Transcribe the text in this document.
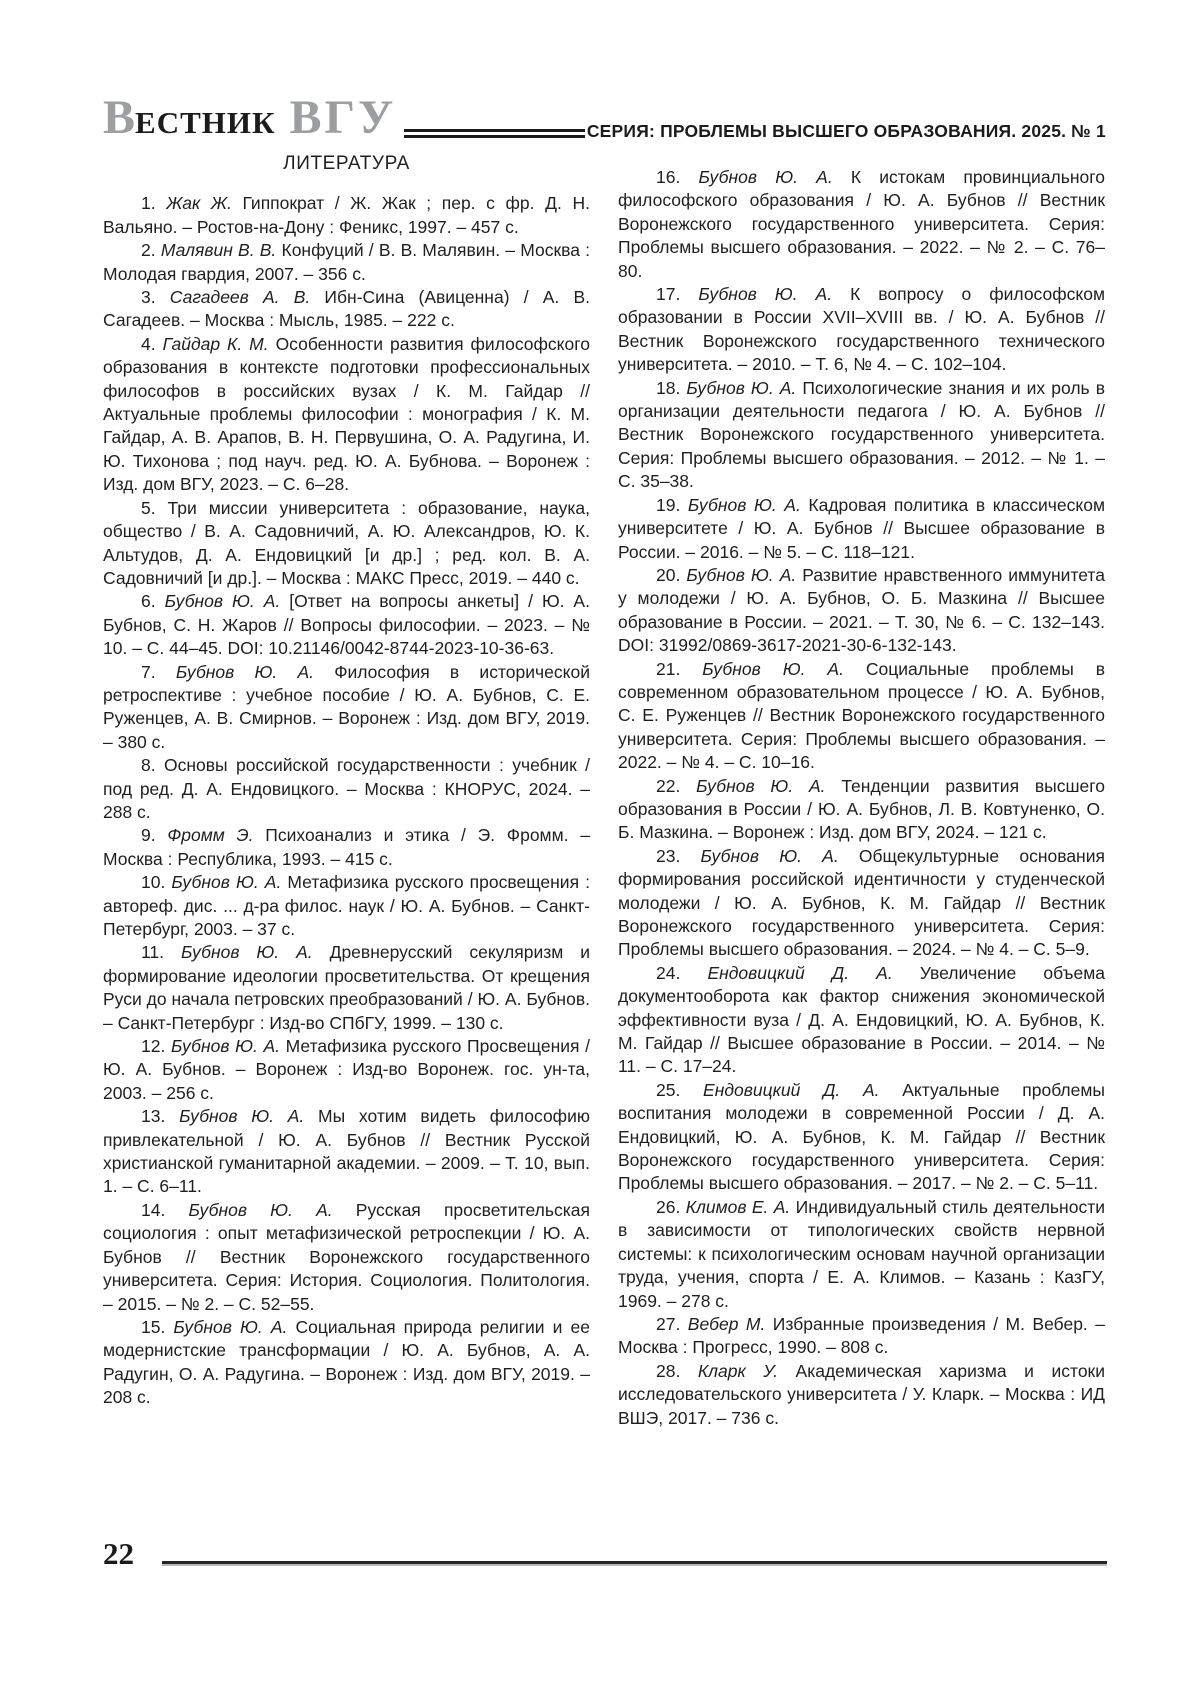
ВЕСТНИК ВГУ	СЕРИЯ: ПРОБЛЕМЫ ВЫСШЕГО ОБРАЗОВАНИЯ. 2025. № 1
ЛИТЕРАТУРА

1. Жак Ж. Гиппократ / Ж. Жак ; пер. с фр. Д. Н. Вальяно. – Ростов-на-Дону : Феникс, 1997. – 457 с.

2. Малявин В. В. Конфуций / В. В. Малявин. – Москва : Молодая гвардия, 2007. – 356 с.

3. Сагадеев А. В. Ибн-Сина (Авиценна) / А. В. Сагадеев. – Москва : Мысль, 1985. – 222 с.

4. Гайдар К. М. Особенности развития философского образования в контексте подготовки профессиональных философов в российских вузах / К. М. Гайдар // Актуальные проблемы философии : монография / К. М. Гайдар, А. В. Арапов, В. Н. Первушина, О. А. Радугина, И. Ю. Тихонова ; под науч. ред. Ю. А. Бубнова. – Воронеж : Изд. дом ВГУ, 2023. – С. 6–28.

5. Три миссии университета : образование, наука, общество / В. А. Садовничий, А. Ю. Александров, Ю. К. Альтудов, Д. А. Ендовицкий [и др.] ; ред. кол. В. А. Садовничий [и др.]. – Москва : МАКС Пресс, 2019. – 440 с.

6. Бубнов Ю. А. [Ответ на вопросы анкеты] / Ю. А. Бубнов, С. Н. Жаров // Вопросы философии. – 2023. – № 10. – С. 44–45. DOI: 10.21146/0042-8744-2023-10-36-63.

7. Бубнов Ю. А. Философия в исторической ретроспективе : учебное пособие / Ю. А. Бубнов, С. Е. Руженцев, А. В. Смирнов. – Воронеж : Изд. дом ВГУ, 2019. – 380 с.

8. Основы российской государственности : учебник / под ред. Д. А. Ендовицкого. – Москва : КНОРУС, 2024. – 288 с.

9. Фромм Э. Психоанализ и этика / Э. Фромм. – Москва : Республика, 1993. – 415 с.

10. Бубнов Ю. А. Метафизика русского просвещения : автореф. дис. ... д-ра филос. наук / Ю. А. Бубнов. – Санкт-Петербург, 2003. – 37 с.

11. Бубнов Ю. А. Древнерусский секуляризм и формирование идеологии просветительства. От крещения Руси до начала петровских преобразований / Ю. А. Бубнов. – Санкт-Петербург : Изд-во СПбГУ, 1999. – 130 с.

12. Бубнов Ю. А. Метафизика русского Просвещения / Ю. А. Бубнов. – Воронеж : Изд-во Воронеж. гос. ун-та, 2003. – 256 с.

13. Бубнов Ю. А. Мы хотим видеть философию привлекательной / Ю. А. Бубнов // Вестник Русской христианской гуманитарной академии. – 2009. – Т. 10, вып. 1. – С. 6–11.

14. Бубнов Ю. А. Русская просветительская социология : опыт метафизической ретроспекции / Ю. А. Бубнов // Вестник Воронежского государственного университета. Серия: История. Социология. Политология. – 2015. – № 2. – С. 52–55.

15. Бубнов Ю. А. Социальная природа религии и ее модернистские трансформации / Ю. А. Бубнов, А. А. Радугин, О. А. Радугина. – Воронеж : Изд. дом ВГУ, 2019. – 208 с.

16. Бубнов Ю. А. К истокам провинциального философского образования / Ю. А. Бубнов // Вестник Воронежского государственного университета. Серия: Проблемы высшего образования. – 2022. – № 2. – С. 76–80.

17. Бубнов Ю. А. К вопросу о философском образовании в России XVII–XVIII вв. / Ю. А. Бубнов // Вестник Воронежского государственного технического университета. – 2010. – Т. 6, № 4. – С. 102–104.

18. Бубнов Ю. А. Психологические знания и их роль в организации деятельности педагога / Ю. А. Бубнов // Вестник Воронежского государственного университета. Серия: Проблемы высшего образования. – 2012. – № 1. – С. 35–38.

19. Бубнов Ю. А. Кадровая политика в классическом университете / Ю. А. Бубнов // Высшее образование в России. – 2016. – № 5. – С. 118–121.

20. Бубнов Ю. А. Развитие нравственного иммунитета у молодежи / Ю. А. Бубнов, О. Б. Мазкина // Высшее образование в России. – 2021. – Т. 30, № 6. – С. 132–143. DOI: 31992/0869-3617-2021-30-6-132-143.

21. Бубнов Ю. А. Социальные проблемы в современном образовательном процессе / Ю. А. Бубнов, С. Е. Руженцев // Вестник Воронежского государственного университета. Серия: Проблемы высшего образования. – 2022. – № 4. – С. 10–16.

22. Бубнов Ю. А. Тенденции развития высшего образования в России / Ю. А. Бубнов, Л. В. Ковтуненко, О. Б. Мазкина. – Воронеж : Изд. дом ВГУ, 2024. – 121 с.

23. Бубнов Ю. А. Общекультурные основания формирования российской идентичности у студенческой молодежи / Ю. А. Бубнов, К. М. Гайдар // Вестник Воронежского государственного университета. Серия: Проблемы высшего образования. – 2024. – № 4. – С. 5–9.

24. Ендовицкий Д. А. Увеличение объема документооборота как фактор снижения экономической эффективности вуза / Д. А. Ендовицкий, Ю. А. Бубнов, К. М. Гайдар // Высшее образование в России. – 2014. – № 11. – С. 17–24.

25. Ендовицкий Д. А. Актуальные проблемы воспитания молодежи в современной России / Д. А. Ендовицкий, Ю. А. Бубнов, К. М. Гайдар // Вестник Воронежского государственного университета. Серия: Проблемы высшего образования. – 2017. – № 2. – С. 5–11.

26. Климов Е. А. Индивидуальный стиль деятельности в зависимости от типологических свойств нервной системы: к психологическим основам научной организации труда, учения, спорта / Е. А. Климов. – Казань : КазГУ, 1969. – 278 с.

27. Вебер М. Избранные произведения / М. Вебер. – Москва : Прогресс, 1990. – 808 с.

28. Кларк У. Академическая харизма и истоки исследовательского университета / У. Кларк. – Москва : ИД ВШЭ, 2017. – 736 с.

22
